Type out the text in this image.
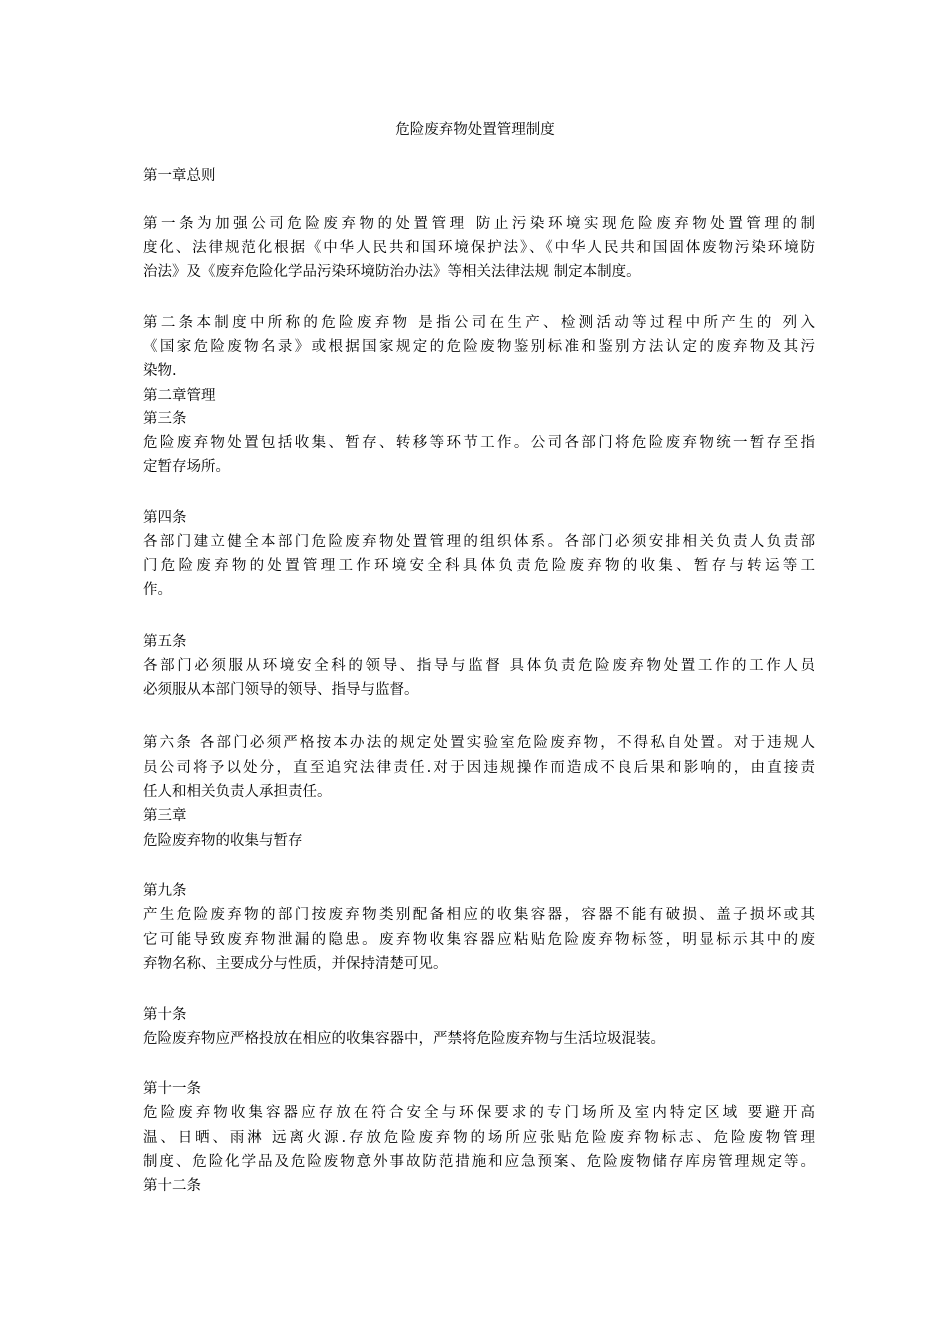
危险废弃物处置管理制度

第一章总则

第一条为加强公司危险废弃物的处置管理 防止污染环境实现危险废弃物处置管理的制

度化、法律规范化根据《中华人民共和国环境保护法》、《中华人民共和国固体废物污染环境防

治法》及《废弃危险化学品污染环境防治办法》等相关法律法规 制定本制度。

第二条本制度中所称的危险废弃物 是指公司在生产、检测活动等过程中所产生的 列入

《国家危险废物名录》或根据国家规定的危险废物鉴别标准和鉴别方法认定的废弃物及其污

染物.

第二章管理

第三条

危险废弃物处置包括收集、暂存、转移等环节工作。公司各部门将危险废弃物统一暂存至指

定暂存场所。

第四条

各部门建立健全本部门危险废弃物处置管理的组织体系。各部门必须安排相关负责人负责部

门危险废弃物的处置管理工作环境安全科具体负责危险废弃物的收集、暂存与转运等工

作。

第五条

各部门必须服从环境安全科的领导、指导与监督 具体负责危险废弃物处置工作的工作人员

必须服从本部门领导的领导、指导与监督。

第六条 各部门必须严格按本办法的规定处置实验室危险废弃物，不得私自处置。对于违规人

员公司将予以处分，直至追究法律责任.对于因违规操作而造成不良后果和影响的，由直接责

任人和相关负责人承担责任。

第三章

危险废弃物的收集与暂存

第九条

产生危险废弃物的部门按废弃物类别配备相应的收集容器，容器不能有破损、盖子损坏或其

它可能导致废弃物泄漏的隐患。废弃物收集容器应粘贴危险废弃物标签，明显标示其中的废

弃物名称、主要成分与性质，并保持清楚可见。

第十条

危险废弃物应严格投放在相应的收集容器中，严禁将危险废弃物与生活垃圾混装。

第十一条

危险废弃物收集容器应存放在符合安全与环保要求的专门场所及室内特定区域 要避开高

温、日晒、雨淋 远离火源.存放危险废弃物的场所应张贴危险废弃物标志、危险废物管理

制度、危险化学品及危险废物意外事故防范措施和应急预案、危险废物储存库房管理规定等。

第十二条
